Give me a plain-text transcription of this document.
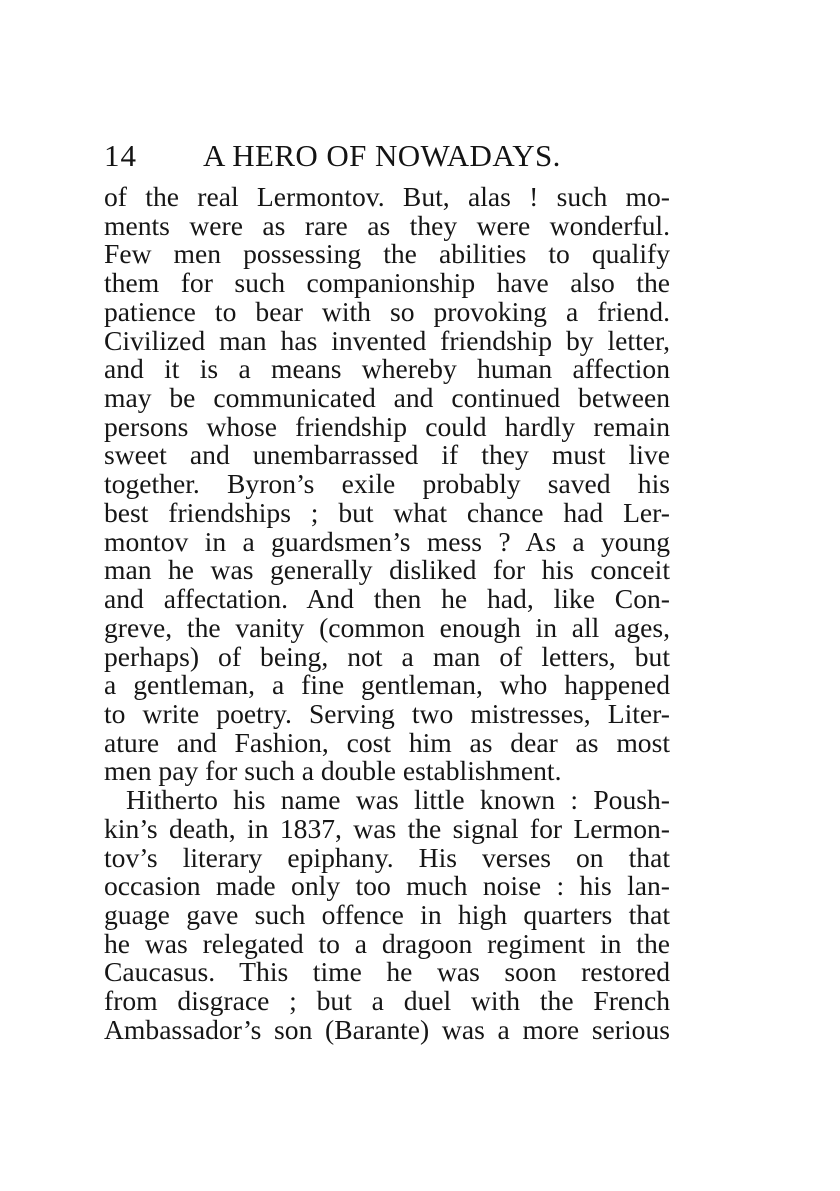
14 A HERO OF NOWADAYS.
of the real Lermontov. But, alas ! such mo-
ments were as rare as they were wonderful.
Few men possessing the abilities to qualify
them for such companionship have also the
patience to bear with so provoking a friend.
Civilized man has invented friendship by letter,
and it is a means whereby human affection
may be communicated and continued between
persons whose friendship could hardly remain
sweet and unembarrassed if they must live
together. Byron’s exile probably saved his
best friendships ; but what chance had Ler-
montov in a guardsmen’s mess ? As a young
man he was generally disliked for his conceit
and affectation. And then he had, like Con-
greve, the vanity (common enough in all ages,
perhaps) of being, not a man of letters, but
a gentleman, a fine gentleman, who happened
to write poetry. Serving two mistresses, Liter-
ature and Fashion, cost him as dear as most
men pay for such a double establishment.
Hitherto his name was little known : Poush-
kin’s death, in 1837, was the signal for Lermon-
tov’s literary epiphany. His verses on that
occasion made only too much noise : his lan-
guage gave such offence in high quarters that
he was relegated to a dragoon regiment in the
Caucasus. This time he was soon restored
from disgrace ; but a duel with the French
Ambassador’s son (Barante) was a more serious
